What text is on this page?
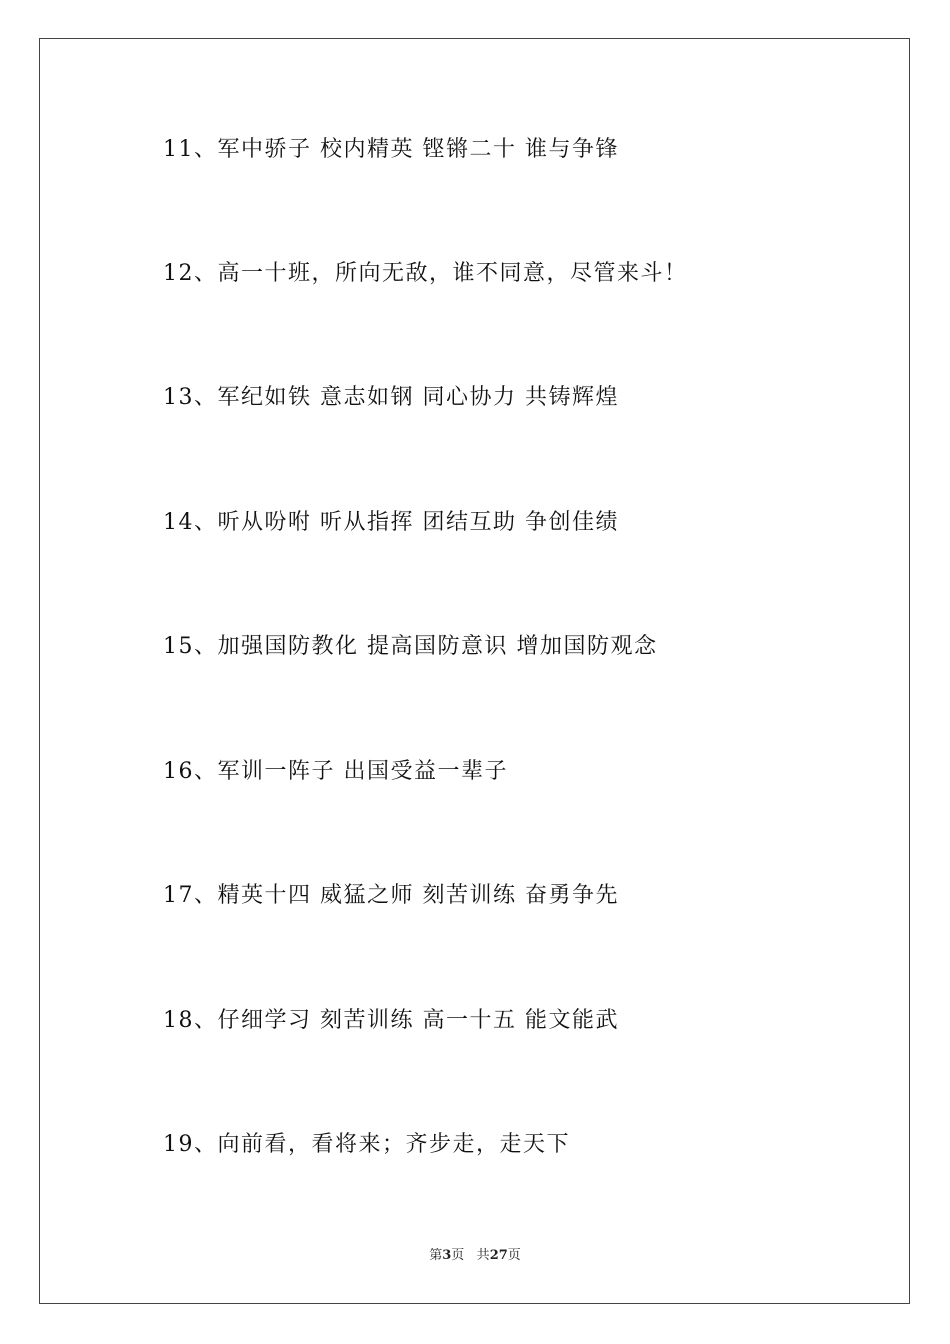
11、军中骄子 校内精英 铿锵二十 谁与争锋
12、高一十班，所向无敌，谁不同意，尽管来斗！
13、军纪如铁 意志如钢 同心协力 共铸辉煌
14、听从吩咐 听从指挥 团结互助 争创佳绩
15、加强国防教化 提高国防意识 增加国防观念
16、军训一阵子 出国受益一辈子
17、精英十四 威猛之师 刻苦训练 奋勇争先
18、仔细学习 刻苦训练 高一十五 能文能武
19、向前看，看将来；齐步走，走天下
第3页 共27页
